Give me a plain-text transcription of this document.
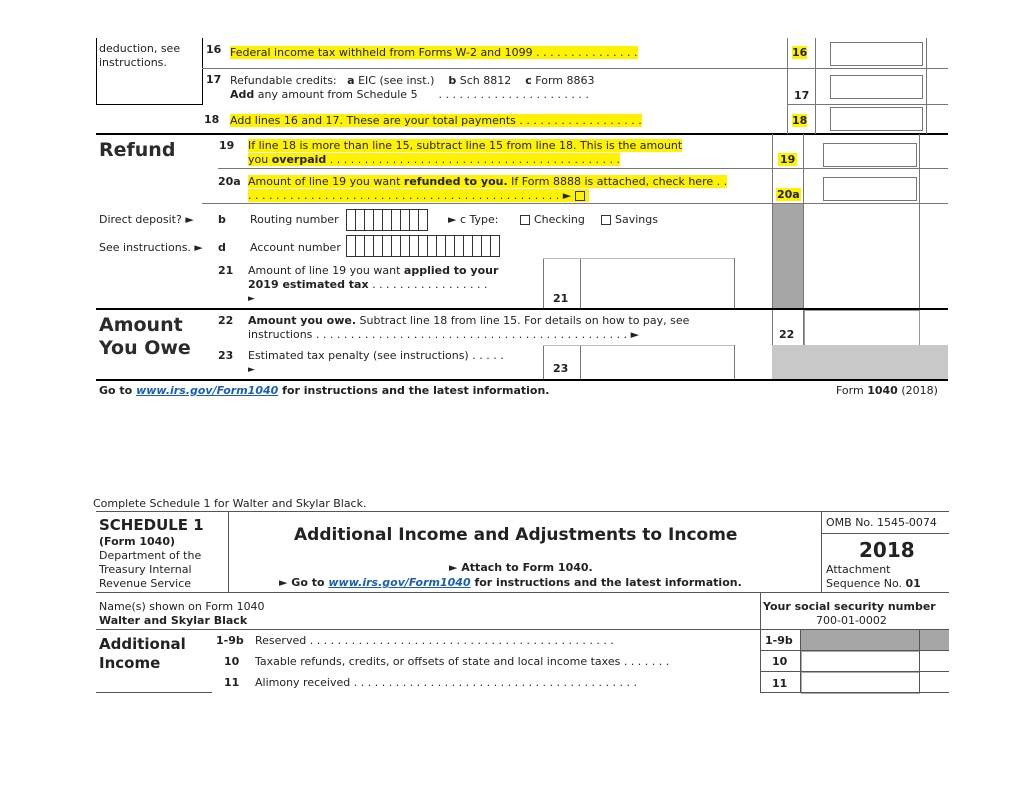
deduction, see
instructions.
16 Federal income tax withheld from Forms W-2 and 1099 . . . . . . . . . . . . . . .	16
17 Refundable credits: a EIC (see inst.) b Sch 8812 c Form 8863
Add any amount from Schedule 5 . . . . . . . . . . . . . . . . . . . . . .	17
18 Add lines 16 and 17. These are your total payments . . . . . . . . . . . . . . . . . .	18
Refund	19 If line 18 is more than line 15, subtract line 15 from line 18. This is the amount
you overpaid . . . . . . . . . . . . . . . . . . . . . . . . . . . . . . . . . . . . . . . . . .	19
20a Amount of line 19 you want refunded to you. If Form 8888 is attached, check here . .
. . . . . . . . . . . . . . . . . . . . . . . . . . . . . . . . . . . . . . . . . . . . . ►	20a
Direct deposit? ► b Routing number	► c Type:	Checking	Savings
See instructions. ► d Account number
21 Amount of line 19 you want applied to your
2019 estimated tax . . . . . . . . . . . . . . . . .
►	21
Amount
You Owe
22 Amount you owe. Subtract line 18 from line 15. For details on how to pay, see
instructions . . . . . . . . . . . . . . . . . . . . . . . . . . . . . . . . . . . . . . . . . . . . . ►	22
23 Estimated tax penalty (see instructions) . . . . .
►	23
Go to www.irs.gov/Form1040 for instructions and the latest information.	Form 1040 (2018)
Complete Schedule 1 for Walter and Skylar Black.
SCHEDULE 1
(Form 1040)
Department of the
Treasury Internal
Revenue Service
Additional Income and Adjustments to Income
► Attach to Form 1040.
► Go to www.irs.gov/Form1040 for instructions and the latest information.
OMB No. 1545-0074
2018
Attachment
Sequence No. 01
Name(s) shown on Form 1040
Walter and Skylar Black
Your social security number
700-01-0002
Additional
Income
1-9b Reserved . . . . . . . . . . . . . . . . . . . . . . . . . . . . . . . . . . . . . . . . . . . .	1-9b
10 Taxable refunds, credits, or offsets of state and local income taxes . . . . . . .	10
11 Alimony received . . . . . . . . . . . . . . . . . . . . . . . . . . . . . . . . . . . . . . . . .	11
